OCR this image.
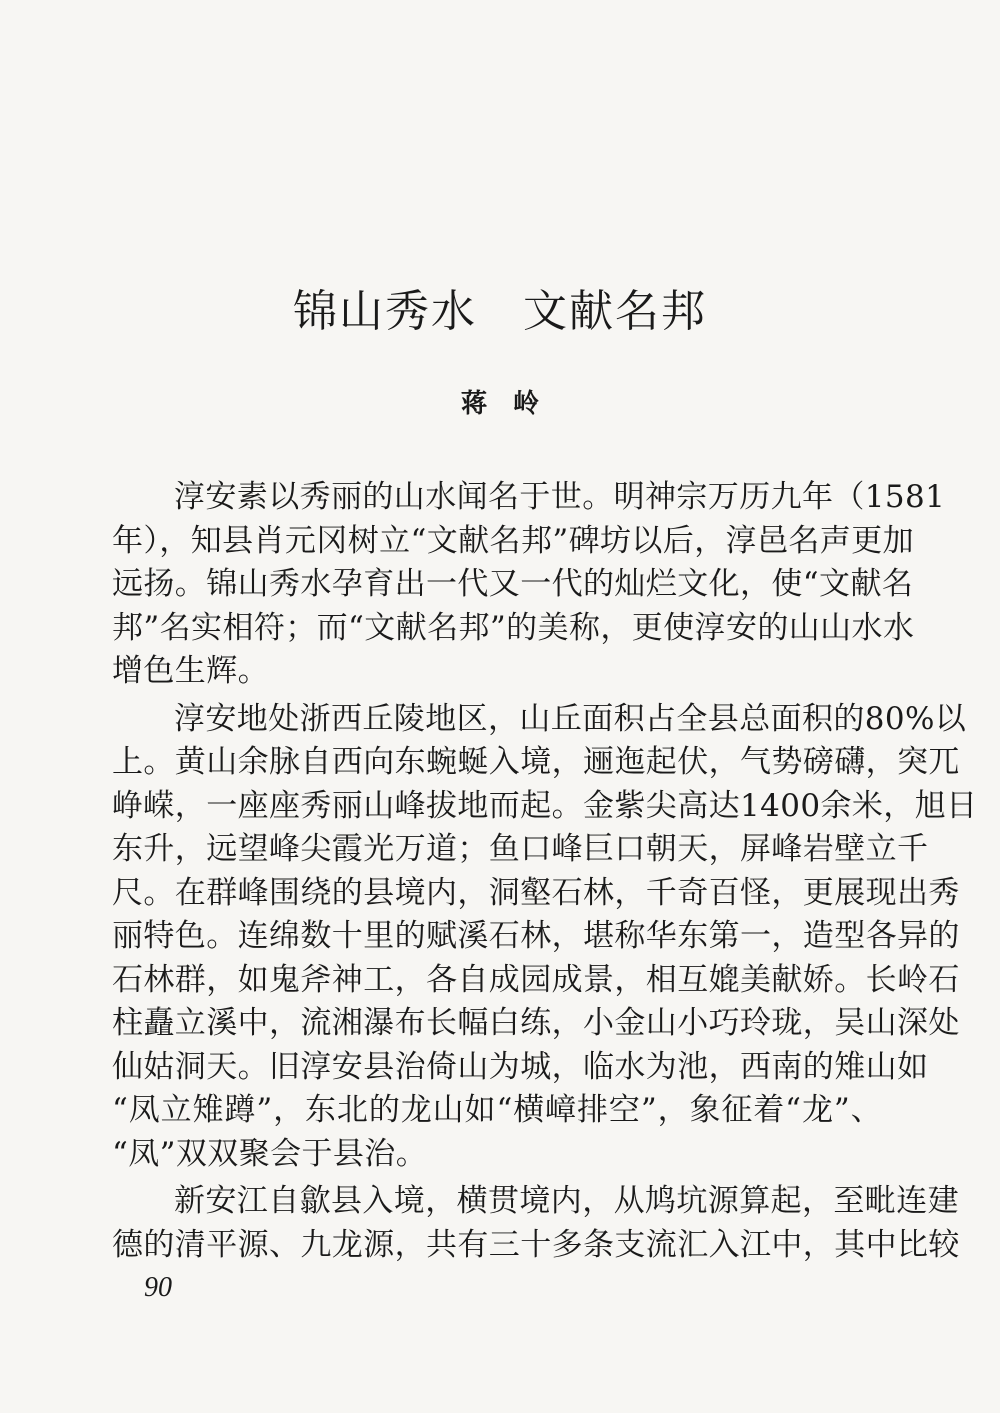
锦山秀水　文献名邦
蒋　岭
淳安素以秀丽的山水闻名于世。明神宗万历九年（1581
年），知县肖元冈树立“文献名邦”碑坊以后，淳邑名声更加
远扬。锦山秀水孕育出一代又一代的灿烂文化，使“文献名
邦”名实相符；而“文献名邦”的美称，更使淳安的山山水水
增色生辉。
淳安地处浙西丘陵地区，山丘面积占全县总面积的80%以
上。黄山余脉自西向东蜿蜒入境，逦迤起伏，气势磅礴，突兀
峥嵘，一座座秀丽山峰拔地而起。金紫尖高达1400余米，旭日
东升，远望峰尖霞光万道；鱼口峰巨口朝天，屏峰岩壁立千
尺。在群峰围绕的县境内，洞壑石林，千奇百怪，更展现出秀
丽特色。连绵数十里的赋溪石林，堪称华东第一，造型各异的
石林群，如鬼斧神工，各自成园成景，相互媲美献娇。长岭石
柱矗立溪中，流湘瀑布长幅白练，小金山小巧玲珑，吴山深处
仙姑洞天。旧淳安县治倚山为城，临水为池，西南的雉山如
“凤立雉蹲”，东北的龙山如“横嶂排空”，象征着“龙”、
“凤”双双聚会于县治。
新安江自歙县入境，横贯境内，从鸠坑源算起，至毗连建
德的清平源、九龙源，共有三十多条支流汇入江中，其中比较
90
